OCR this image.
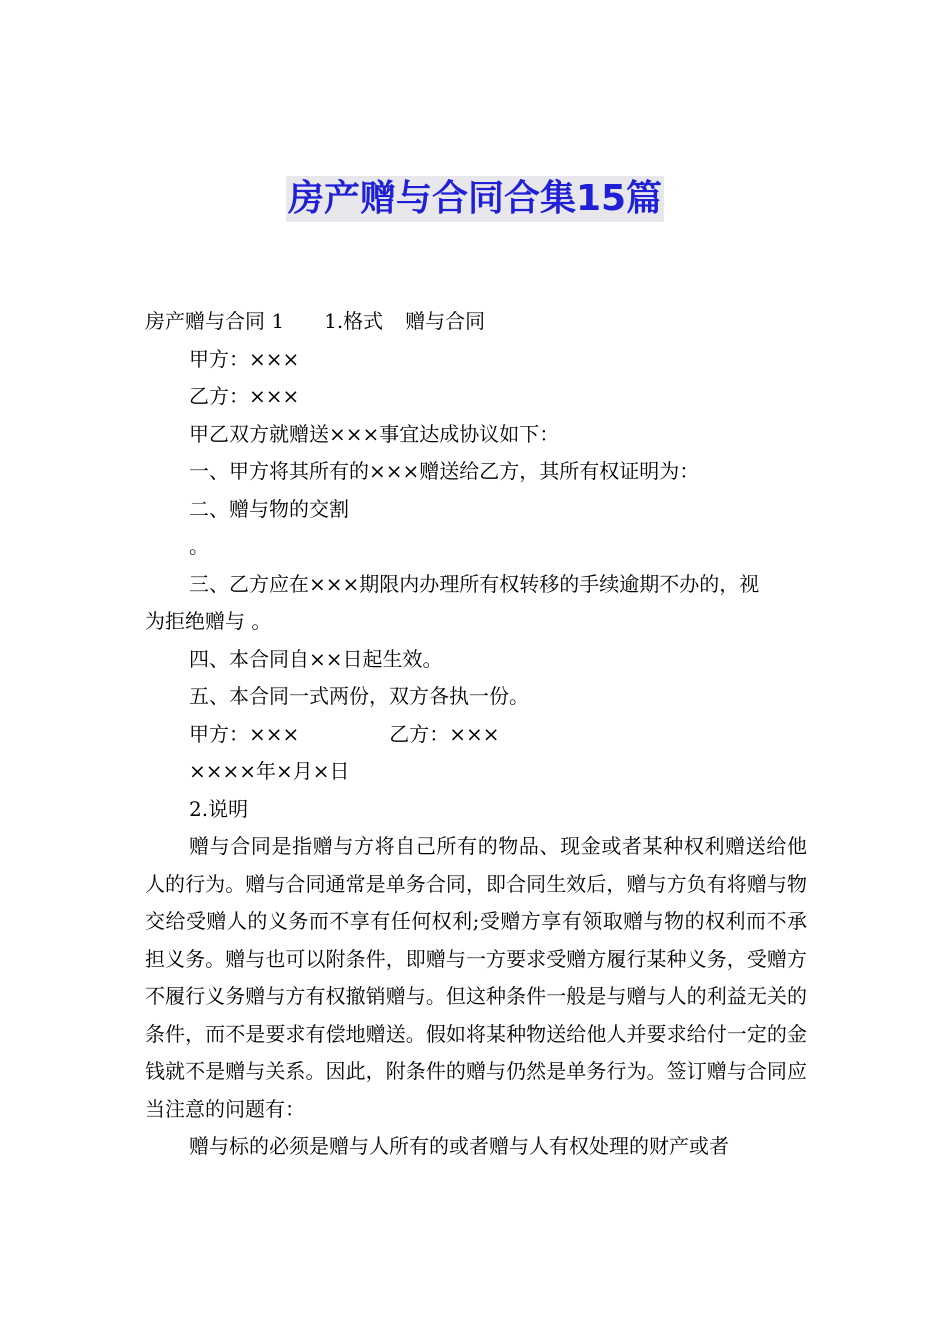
房产赠与合同合集15篇
房产赠与合同 1 1.格式 赠与合同
甲方：×××
乙方：×××
甲乙双方就赠送×××事宜达成协议如下：
一、甲方将其所有的×××赠送给乙方，其所有权证明为：
二、赠与物的交割
。
三、乙方应在×××期限内办理所有权转移的手续逾期不办的，视
为拒绝赠与 。
四、本合同自××日起生效。
五、本合同一式两份，双方各执一份。
甲方：×××	乙方：×××
××××年×月×日
2.说明
赠与合同是指赠与方将自己所有的物品、现金或者某种权利赠送给他人的行为。赠与合同通常是单务合同，即合同生效后，赠与方负有将赠与物交给受赠人的义务而不享有任何权利;受赠方享有领取赠与物的权利而不承担义务。赠与也可以附条件，即赠与一方要求受赠方履行某种义务，受赠方不履行义务赠与方有权撤销赠与。但这种条件一般是与赠与人的利益无关的条件，而不是要求有偿地赠送。假如将某种物送给他人并要求给付一定的金钱就不是赠与关系。因此，附条件的赠与仍然是单务行为。签订赠与合同应当注意的问题有：
赠与标的必须是赠与人所有的或者赠与人有权处理的财产或者
